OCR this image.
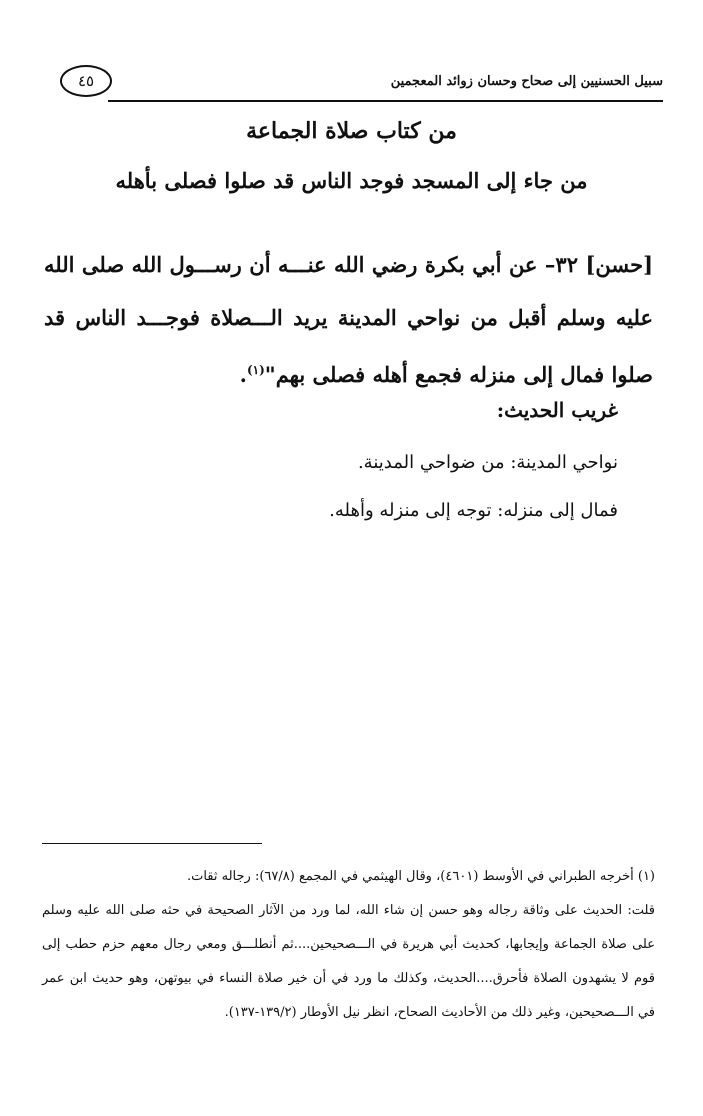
سبيل الحسنيين إلى صحاح وحسان زوائد المعجمين
٤٥
من كتاب صلاة الجماعة
من جاء إلى المسجد فوجد الناس قد صلوا فصلى بأهله
[حسن] ٣٢– عن أبي بكرة رضي الله عنـــه أن رســـول الله صلى الله عليه وسلم أقبل من نواحي المدينة يريد الـــصلاة فوجـــد الناس قد صلوا فمال إلى منزله فجمع أهله فصلى بهم"$^{(١)}$.
غريب الحديث:
نواحي المدينة: من ضواحي المدينة.
فمال إلى منزله: توجه إلى منزله وأهله.

(١) أخرجه الطبراني في الأوسط (٤٦٠١)، وقال الهيثمي في المجمع (٦٧/٨): رجاله ثقات.

قلت: الحديث على وثاقة رجاله وهو حسن إن شاء الله، لما ورد من الآثار الصحيحة في حثه صلى الله عليه وسلم على صلاة الجماعة وإيجابها، كحديث أبي هريرة في الـــصحيحين....ثم أنطلـــق ومعي رجال معهم حزم حطب إلى قوم لا يشهدون الصلاة فأحرق....الحديث، وكذلك ما ورد في أن خير صلاة النساء في بيوتهن، وهو حديث ابن عمر في الـــصحيحين، وغير ذلك من الأحاديث الصحاح، انظر نيل الأوطار (١٣٩/٢-١٣٧).
